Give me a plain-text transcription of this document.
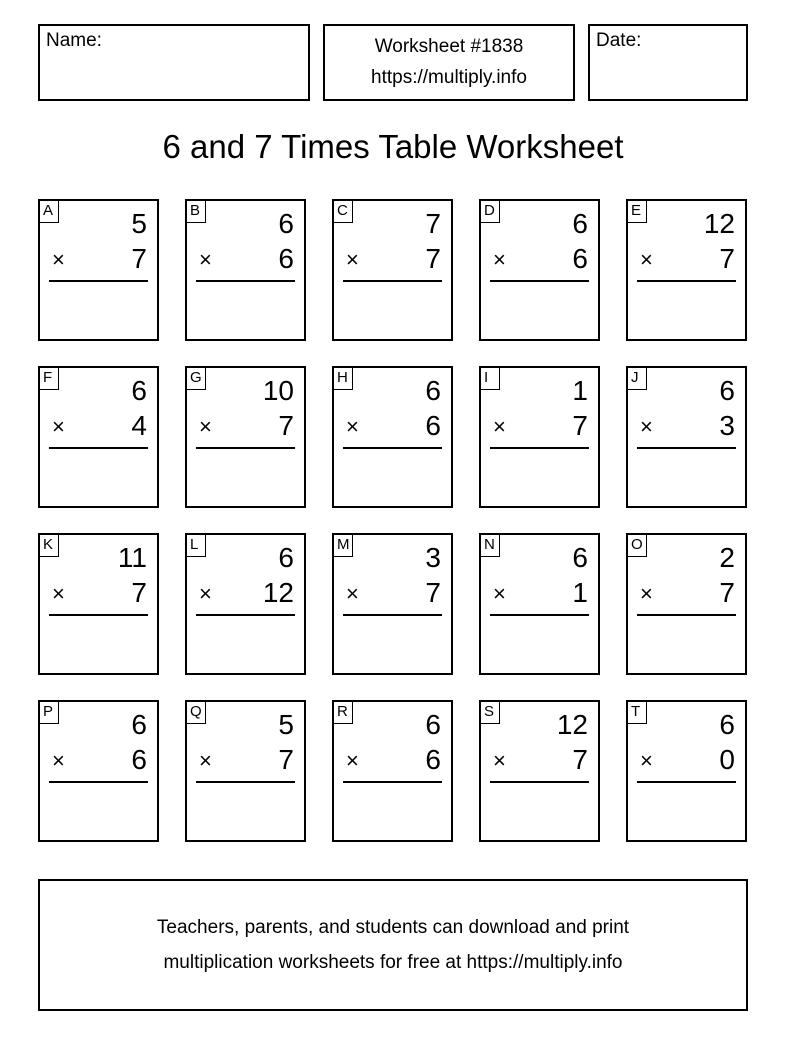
Name:	Worksheet #1838
https://multiply.info
Date:
6 and 7 Times Table Worksheet
A	5
× 7
B	6
× 6
C	7
× 7
D	6
× 6
E 12
× 7
F	6
× 4
G 10
× 7
H	6
× 6
I	1
× 7
J	6
× 3
K 11
× 7
L	6
× 12
M	3
× 7
N	6
× 1
O	2
× 7
P	6
× 6
Q	5
× 7
R	6
× 6
S 12
× 7
T	6
× 0
Teachers, parents, and students can download and print
multiplication worksheets for free at https://multiply.info
